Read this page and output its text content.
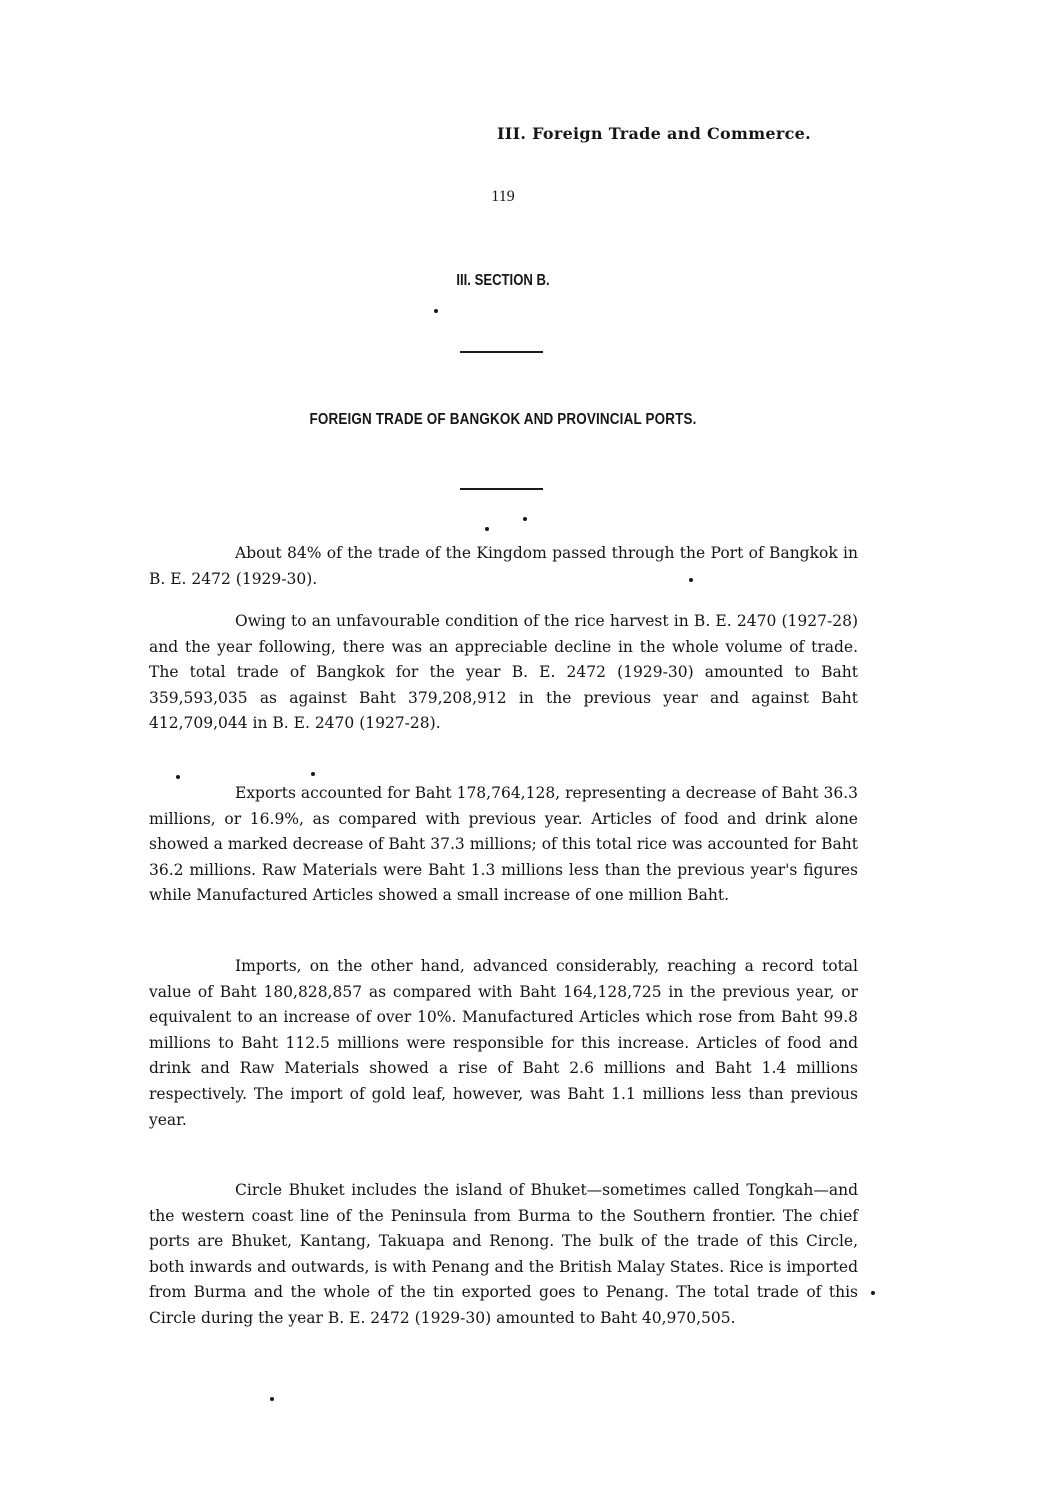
III. Foreign Trade and Commerce.
119
III. SECTION B.
FOREIGN TRADE OF BANGKOK AND PROVINCIAL PORTS.

About 84% of the trade of the Kingdom passed through the Port of Bangkok in B. E. 2472 (1929-30).

Owing to an unfavourable condition of the rice harvest in B. E. 2470 (1927-28) and the year following, there was an appreciable decline in the whole volume of trade. The total trade of Bangkok for the year B. E. 2472 (1929-30) amounted to Baht 359,593,035 as against Baht 379,208,912 in the previous year and against Baht 412,709,044 in B. E. 2470 (1927-28).

Exports accounted for Baht 178,764,128, representing a decrease of Baht 36.3 millions, or 16.9%, as compared with previous year. Articles of food and drink alone showed a marked decrease of Baht 37.3 millions; of this total rice was accounted for Baht 36.2 millions. Raw Materials were Baht 1.3 millions less than the previous year's figures while Manufactured Articles showed a small increase of one million Baht.

Imports, on the other hand, advanced considerably, reaching a record total value of Baht 180,828,857 as compared with Baht 164,128,725 in the previous year, or equivalent to an increase of over 10%. Manufactured Articles which rose from Baht 99.8 millions to Baht 112.5 millions were responsible for this increase. Articles of food and drink and Raw Materials showed a rise of Baht 2.6 millions and Baht 1.4 millions respectively. The import of gold leaf, however, was Baht 1.1 millions less than previous year.

Circle Bhuket includes the island of Bhuket—sometimes called Tongkah—and the western coast line of the Peninsula from Burma to the Southern frontier. The chief ports are Bhuket, Kantang, Takuapa and Renong. The bulk of the trade of this Circle, both inwards and outwards, is with Penang and the British Malay States. Rice is imported from Burma and the whole of the tin exported goes to Penang. The total trade of this Circle during the year B. E. 2472 (1929-30) amounted to Baht 40,970,505.
